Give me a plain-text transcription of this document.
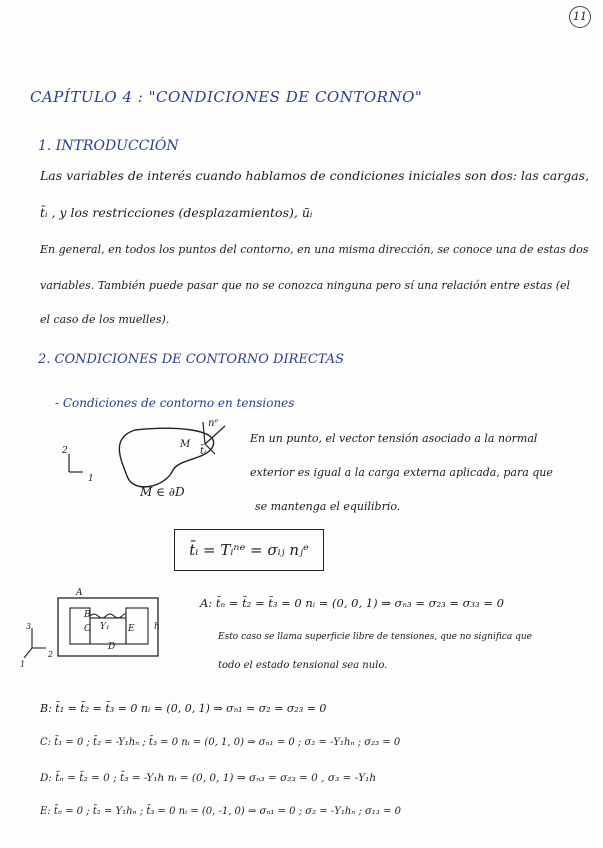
11
CAPÍTULO 4 : "CONDICIONES DE CONTORNO"
1. INTRODUCCIÓN
Las variables de interés cuando hablamos de condiciones iniciales son dos: las cargas,
t̄ᵢ , y los restricciones (desplazamientos), ūᵢ
En general, en todos los puntos del contorno, en una misma dirección, se conoce una de estas dos
variables. También puede pasar que no se conozca ninguna pero sí una relación entre estas (el
el caso de los muelles).
2. CONDICIONES DE CONTORNO DIRECTAS
- Condiciones de contorno en tensiones
M ∈ ∂D
M
t̄ᵢ
nᵉ
2
1
En un punto, el vector tensión asociado a la normal
exterior es igual a la carga externa aplicada, para que
se mantenga el equilibrio.
t̄ᵢ = Tᵢⁿᵉ = σᵢⱼ nⱼᵉ
A
B
C
D
E
Y₁	h
3
2
1
A: t̄ₙ = t̄₂ = t̄₃ = 0 nᵢ = (0, 0, 1) ⇒ σₙ₃ = σ₂₃ = σ₃₃ = 0
Esto caso se llama superficie libre de tensiones, que no significa que
todo el estado tensional sea nulo.
B: t̄₁ = t̄₂ = t̄₃ = 0 nᵢ = (0, 0, 1) ⇒ σₙ₁ = σ₂ = σ₂₃ = 0
C: t̄₁ = 0 ; t̄₂ = -Y₁hₙ ; t̄₃ = 0 nᵢ = (0, 1, 0) ⇒ σₙ₁ = 0 ; σ₂ = -Y₁hₙ ; σ₂₃ = 0
D: t̄ₙ = t̄₂ = 0 ; t̄₃ = -Y₁h nᵢ = (0, 0, 1) ⇒ σₙ₃ = σ₂₃ = 0 , σ₃ = -Y₁h
E: t̄ₙ = 0 ; t̄₂ = Y₁hₙ ; t̄₃ = 0 nᵢ = (0, -1, 0) ⇒ σₙ₁ = 0 ; σ₂ = -Y₁hₙ ; σ₁₃ = 0
